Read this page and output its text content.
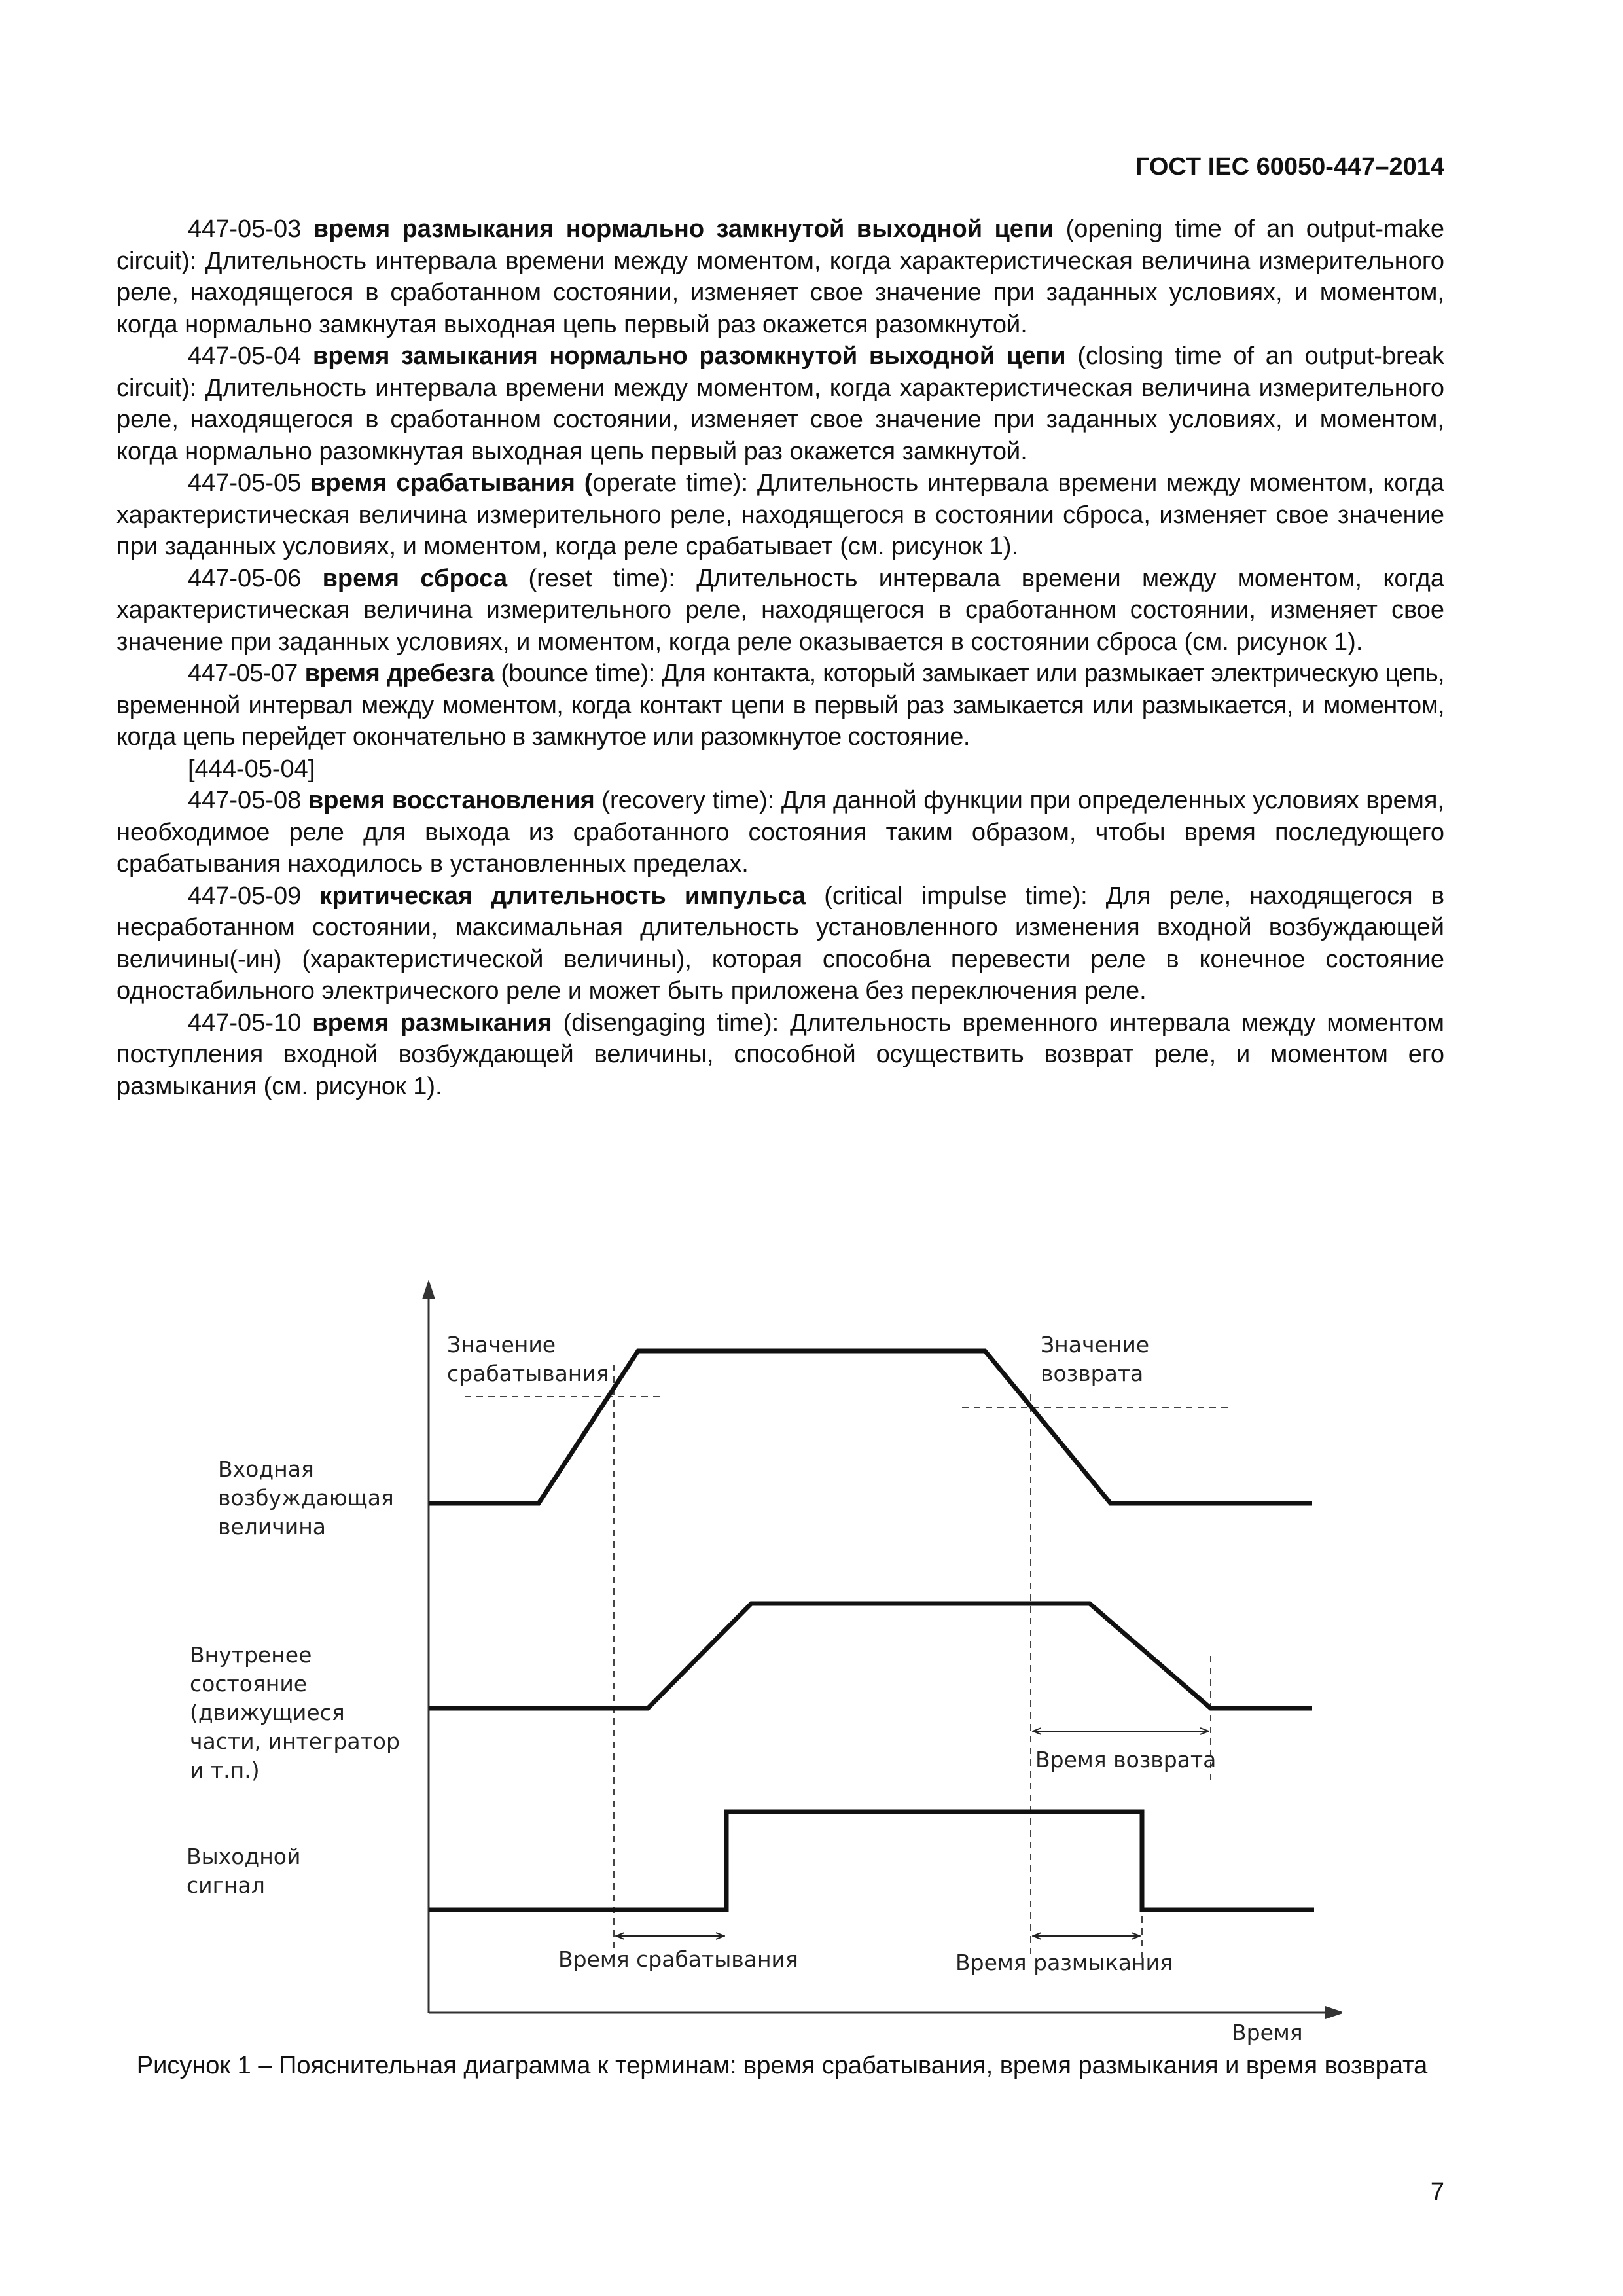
ГОСТ IEC 60050-447–2014

447-05-03 время размыкания нормально замкнутой выходной цепи (opening time of an output-make circuit): Длительность интервала времени между моментом, когда характеристическая величина измерительного реле, находящегося в сработанном состоянии, изменяет свое значение при заданных условиях, и моментом, когда нормально замкнутая выходная цепь первый раз окажется разомкнутой.

447-05-04 время замыкания нормально разомкнутой выходной цепи (closing time of an output-break circuit): Длительность интервала времени между моментом, когда характеристическая величина измерительного реле, находящегося в сработанном состоянии, изменяет свое значение при заданных условиях, и моментом, когда нормально разомкнутая выходная цепь первый раз окажется замкнутой.

447-05-05 время срабатывания (operate time): Длительность интервала времени между моментом, когда характеристическая величина измерительного реле, находящегося в состоянии сброса, изменяет свое значение при заданных условиях, и моментом, когда реле срабатывает (см. рисунок 1).

447-05-06 время сброса (reset time): Длительность интервала времени между моментом, когда характеристическая величина измерительного реле, находящегося в сработанном состоянии, изменяет свое значение при заданных условиях, и моментом, когда реле оказывается в состоянии сброса (см. рисунок 1).

447-05-07 время дребезга (bounce time): Для контакта, который замыкает или размыкает электрическую цепь, временной интервал между моментом, когда контакт цепи в первый раз замыкается или размыкается, и моментом, когда цепь перейдет окончательно в замкнутое или разомкнутое состояние.

[444-05-04]

447-05-08 время восстановления (recovery time): Для данной функции при определенных условиях время, необходимое реле для выхода из сработанного состояния таким образом, чтобы время последующего срабатывания находилось в установленных пределах.

447-05-09 критическая длительность импульса (critical impulse time): Для реле, находящегося в несработанном состоянии, максимальная длительность установленного изменения входной возбуждающей величины(-ин) (характеристической величины), которая способна перевести реле в конечное состояние одностабильного электрического реле и может быть приложена без переключения реле.

447-05-10 время размыкания (disengaging time): Длительность временного интервала между моментом поступления входной возбуждающей величины, способной осуществить возврат реле, и моментом его размыкания (см. рисунок 1).

Значение срабатывания
Значение возврата
Входная возбуждающая величина
Внутренее состояние (движущиеся части, интегратор и т.п.)
Выходной сигнал
Время возврата
Время срабатывания	Время размыкания
Время
Рисунок 1 – Пояснительная диаграмма к терминам: время срабатывания, время размыкания и время возврата
7
